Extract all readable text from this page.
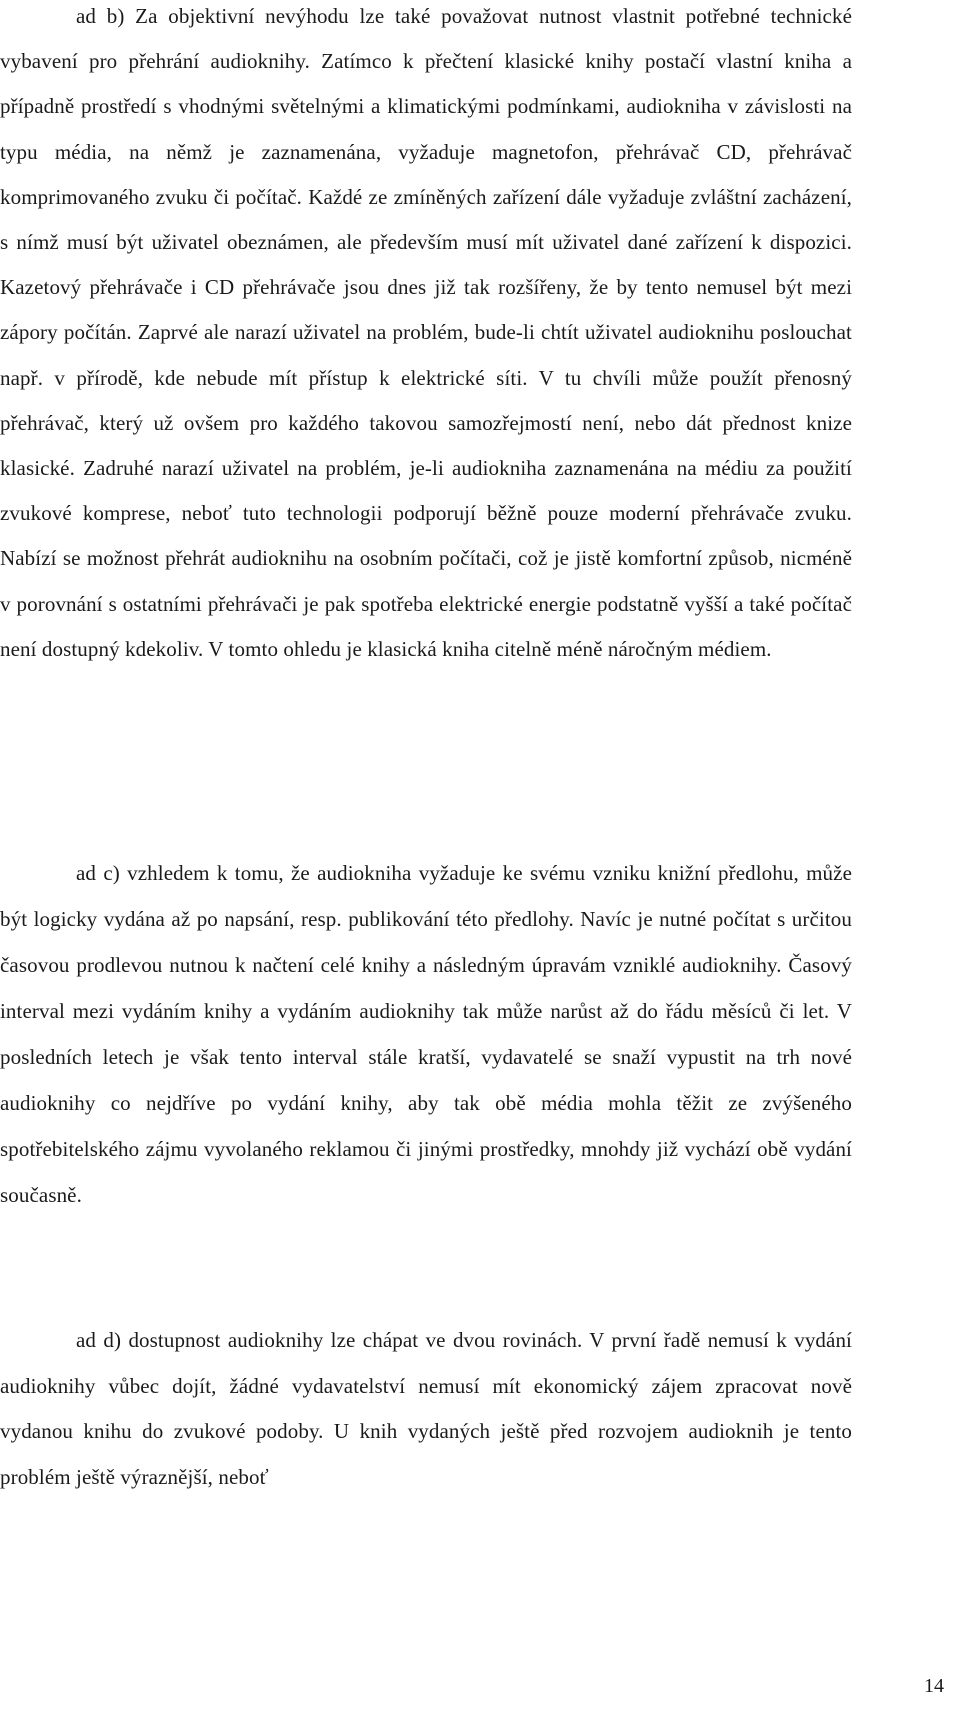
ad b) Za objektivní nevýhodu lze také považovat nutnost vlastnit potřebné technické vybavení pro přehrání audioknihy. Zatímco k přečtení klasické knihy postačí vlastní kniha a případně prostředí s vhodnými světelnými a klimatickými podmínkami, audiokniha v závislosti na typu média, na němž je zaznamenána, vyžaduje magnetofon, přehrávač CD, přehrávač komprimovaného zvuku či počítač. Každé ze zmíněných zařízení dále vyžaduje zvláštní zacházení, s nímž musí být uživatel obeznámen, ale především musí mít uživatel dané zařízení k dispozici. Kazetový přehrávače i CD přehrávače jsou dnes již tak rozšířeny, že by tento nemusel být mezi zápory počítán. Zaprvé ale narazí uživatel na problém, bude-li chtít uživatel audioknihu poslouchat např. v přírodě, kde nebude mít přístup k elektrické síti. V tu chvíli může použít přenosný přehrávač, který už ovšem pro každého takovou samozřejmostí není, nebo dát přednost knize klasické. Zadruhé narazí uživatel na problém, je-li audiokniha zaznamenána na médiu za použití zvukové komprese, neboť tuto technologii podporují běžně pouze moderní přehrávače zvuku. Nabízí se možnost přehrát audioknihu na osobním počítači, což je jistě komfortní způsob, nicméně v porovnání s ostatními přehrávači je pak spotřeba elektrické energie podstatně vyšší a také počítač není dostupný kdekoliv. V tomto ohledu je klasická kniha citelně méně náročným médiem.

ad c) vzhledem k tomu, že audiokniha vyžaduje ke svému vzniku knižní předlohu, může být logicky vydána až po napsání, resp. publikování této předlohy. Navíc je nutné počítat s určitou časovou prodlevou nutnou k načtení celé knihy a následným úpravám vzniklé audioknihy. Časový interval mezi vydáním knihy a vydáním audioknihy tak může narůst až do řádu měsíců či let. V posledních letech je však tento interval stále kratší, vydavatelé se snaží vypustit na trh nové audioknihy co nejdříve po vydání knihy, aby tak obě média mohla těžit ze zvýšeného spotřebitelského zájmu vyvolaného reklamou či jinými prostředky, mnohdy již vychází obě vydání současně.

ad d) dostupnost audioknihy lze chápat ve dvou rovinách. V první řadě nemusí k vydání audioknihy vůbec dojít, žádné vydavatelství nemusí mít ekonomický zájem zpracovat nově vydanou knihu do zvukové podoby. U knih vydaných ještě před rozvojem audioknih je tento problém ještě výraznější, neboť

14
